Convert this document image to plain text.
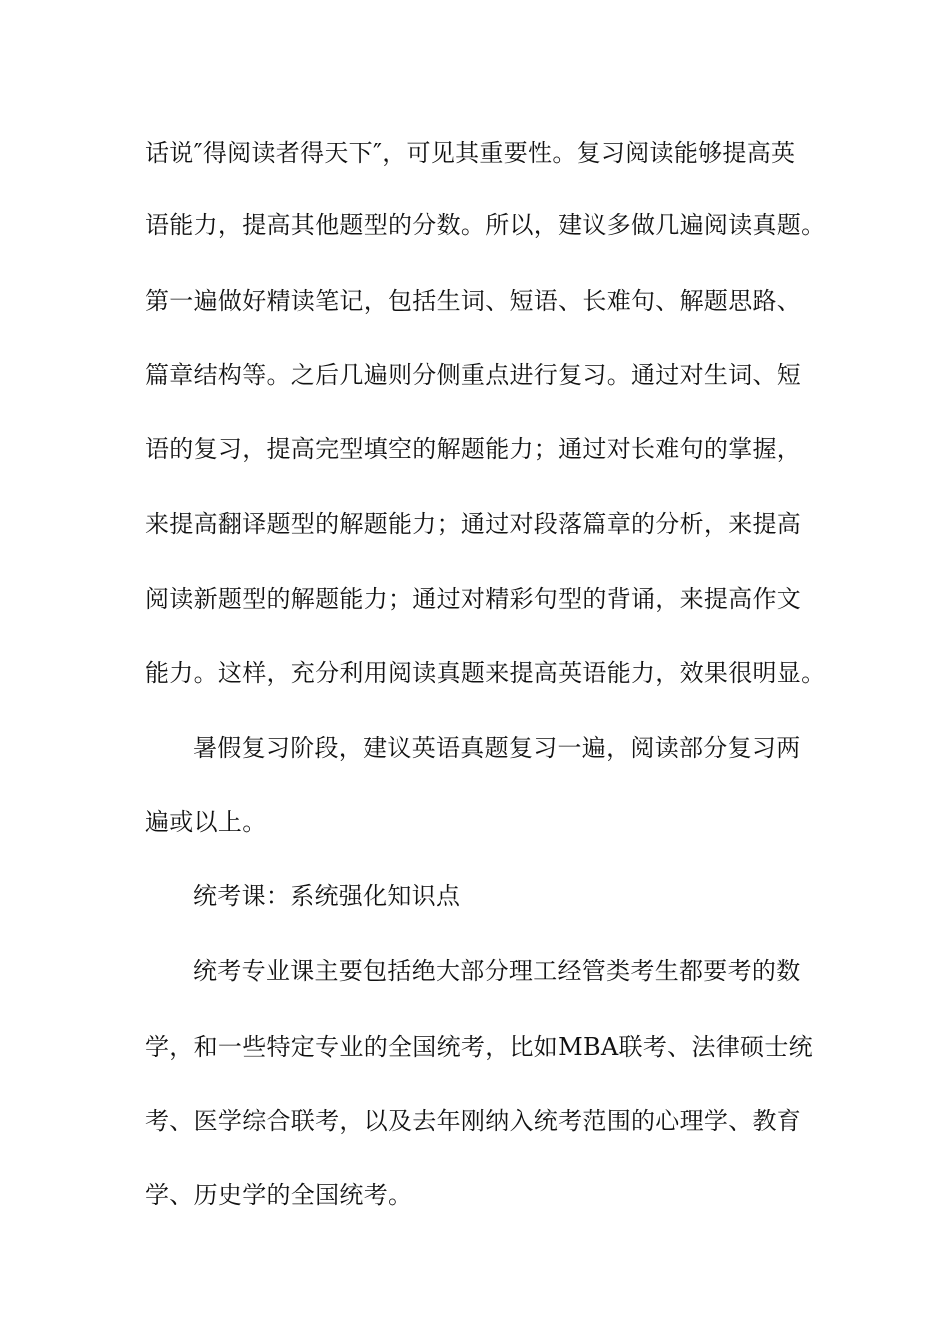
话说″得阅读者得天下″，可见其重要性。复习阅读能够提高英
语能力，提高其他题型的分数。所以，建议多做几遍阅读真题。
第一遍做好精读笔记，包括生词、短语、长难句、解题思路、
篇章结构等。之后几遍则分侧重点进行复习。通过对生词、短
语的复习，提高完型填空的解题能力；通过对长难句的掌握，
来提高翻译题型的解题能力；通过对段落篇章的分析，来提高
阅读新题型的解题能力；通过对精彩句型的背诵，来提高作文
能力。这样，充分利用阅读真题来提高英语能力，效果很明显。
暑假复习阶段，建议英语真题复习一遍，阅读部分复习两
遍或以上。
统考课：系统强化知识点
统考专业课主要包括绝大部分理工经管类考生都要考的数
学，和一些特定专业的全国统考，比如MBA联考、法律硕士统
考、医学综合联考，以及去年刚纳入统考范围的心理学、教育
学、历史学的全国统考。
